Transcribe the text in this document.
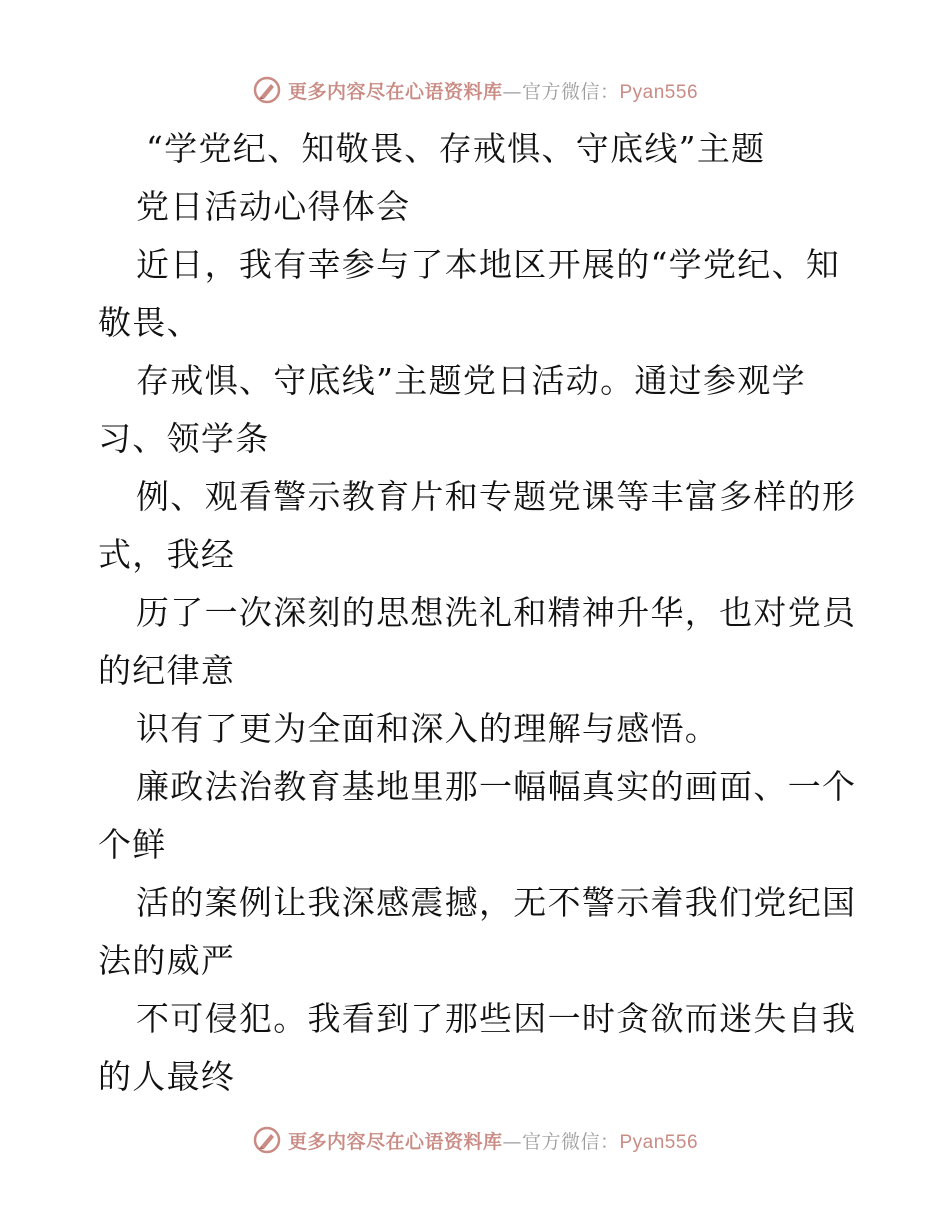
更多内容尽在心语资料库—官方微信：Pyan556
“学党纪、知敬畏、存戒惧、守底线”主题
党日活动心得体会
近日，我有幸参与了本地区开展的“学党纪、知
敬畏、
存戒惧、守底线”主题党日活动。通过参观学
习、领学条
例、观看警示教育片和专题党课等丰富多样的形
式，我经
历了一次深刻的思想洗礼和精神升华，也对党员
的纪律意
识有了更为全面和深入的理解与感悟。
廉政法治教育基地里那一幅幅真实的画面、一个
个鲜
活的案例让我深感震撼，无不警示着我们党纪国
法的威严
不可侵犯。我看到了那些因一时贪欲而迷失自我
的人最终
更多内容尽在心语资料库—官方微信：Pyan556
